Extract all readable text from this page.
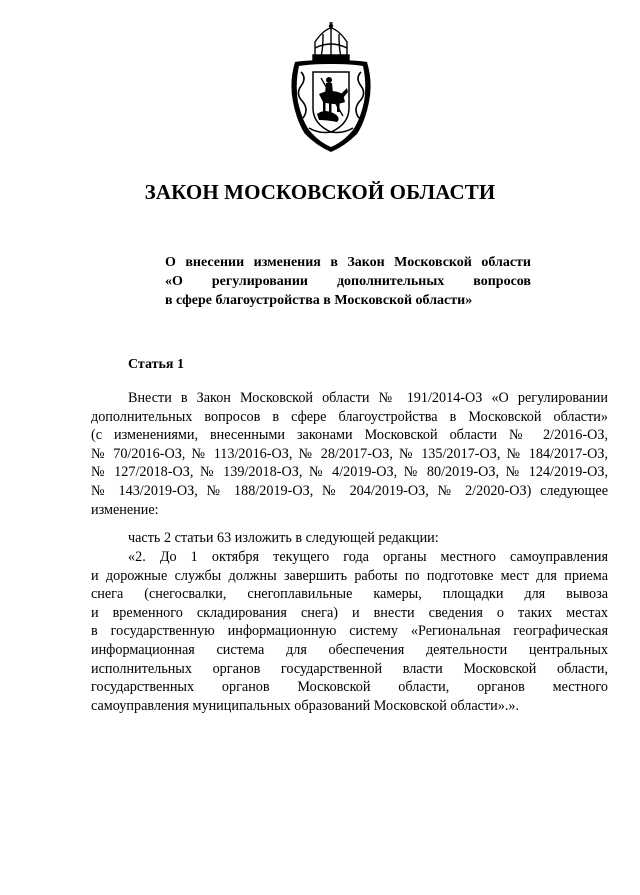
ЗАКОН МОСКОВСКОЙ ОБЛАСТИ
О внесении изменения в Закон Московской области
«О регулировании дополнительных вопросов
в сфере благоустройства в Московской области»
Статья 1
Внести в Закон Московской области № 191/2014-ОЗ «О регулировании
дополнительных вопросов в сфере благоустройства в Московской области»
(с изменениями, внесенными законами Московской области № 2/2016-ОЗ,
№ 70/2016-ОЗ, № 113/2016-ОЗ, № 28/2017-ОЗ, № 135/2017-ОЗ, № 184/2017-ОЗ,
№ 127/2018-ОЗ, № 139/2018-ОЗ, № 4/2019-ОЗ, № 80/2019-ОЗ, № 124/2019-ОЗ,
№ 143/2019-ОЗ, № 188/2019-ОЗ, № 204/2019-ОЗ, № 2/2020-ОЗ) следующее
изменение:
часть 2 статьи 63 изложить в следующей редакции:
«2. До 1 октября текущего года органы местного самоуправления
и дорожные службы должны завершить работы по подготовке мест для приема
снега (снегосвалки, снегоплавильные камеры, площадки для вывоза
и временного складирования снега) и внести сведения о таких местах
в государственную информационную систему «Региональная географическая
информационная система для обеспечения деятельности центральных
исполнительных органов государственной власти Московской области,
государственных органов Московской области, органов местного
самоуправления муниципальных образований Московской области».».
